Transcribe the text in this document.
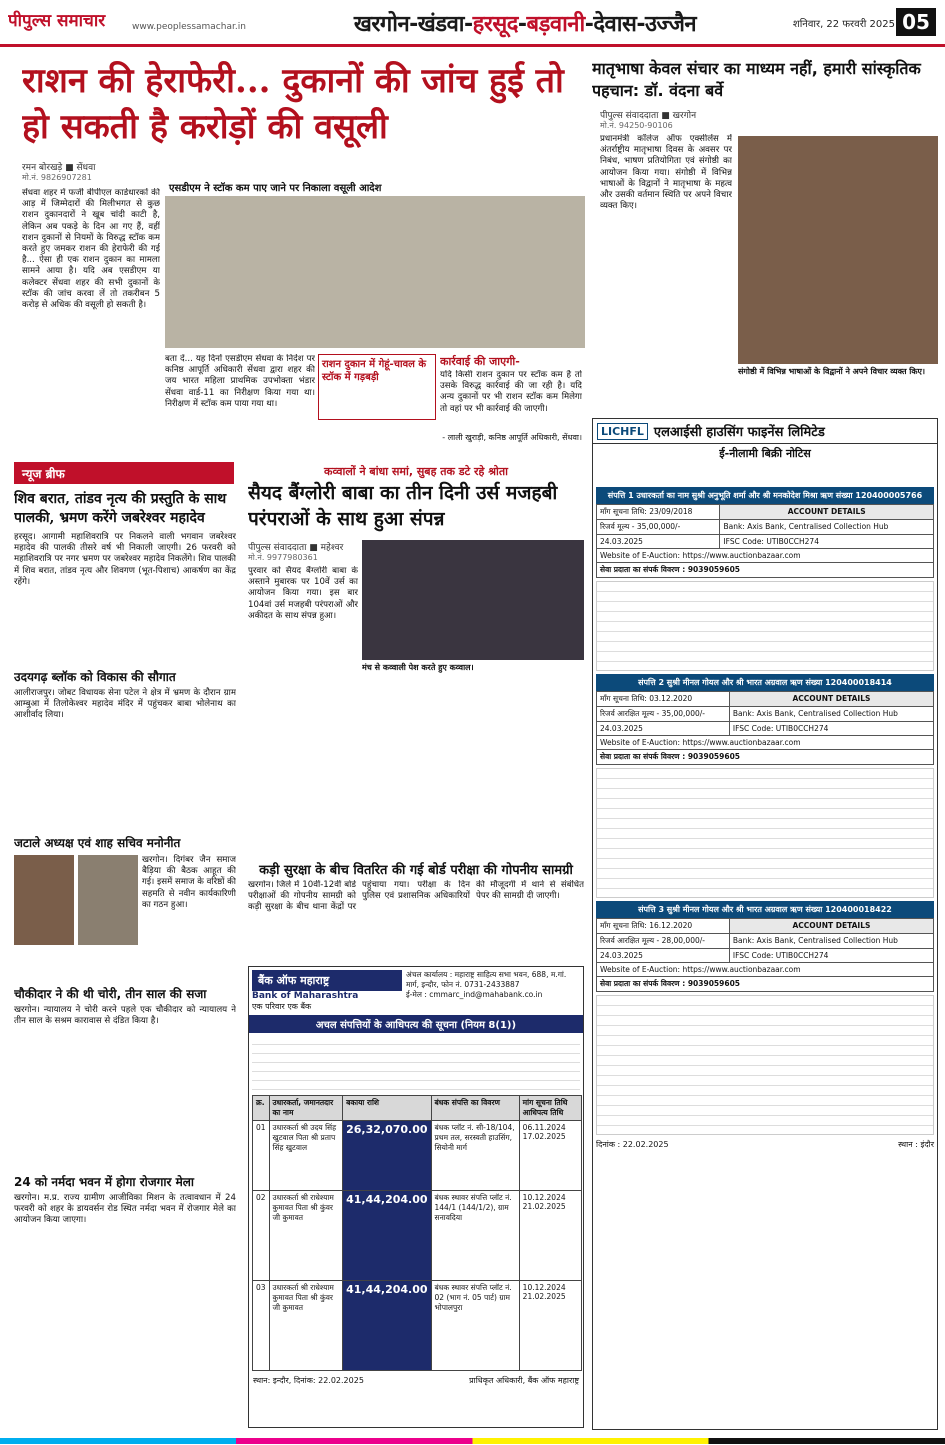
पीपुल्स समाचार	www.peoplessamachar.in	खरगोन-खंडवा-हरसूद-बड़वानी-देवास-उज्जैन	शनिवार, 22 फरवरी 2025 05
राशन की हेराफेरी... दुकानों की जांच हुई तो हो सकती है करोड़ों की वसूली
रमन बोरखड़े ■ सेंधवा
मो.नं. 9826907281
एसडीएम ने स्टॉक कम पाए जाने पर निकाला वसूली आदेश
सेंधवा शहर में फर्जी बीपीएल कार्डधारकों की आड़ में जिम्मेदारों की मिलीभगत से कुछ राशन दुकानदारों ने खूब चांदी काटी है, लेकिन अब पकड़े के दिन आ गए हैं, वहीं राशन दुकानों से नियमों के विरुद्ध स्टॉक कम करते हुए जमकर राशन की हेराफेरी की गई है... ऐसा ही एक राशन दुकान का मामला सामने आया है। यदि अब एसडीएम या कलेक्टर सेंधवा शहर की सभी दुकानों के स्टॉक की जांच करवा लें तो तकरीबन 5 करोड़ से अधिक की वसूली हो सकती है।
बता दें... यह दिनों एसडीएम सेंधवा के निर्देश पर कनिष्ठ आपूर्ति अधिकारी सेंधवा द्वारा शहर की जय भारत महिला प्राथमिक उपभोक्ता भंडार सेंधवा वार्ड-11 का निरीक्षण किया गया था। निरीक्षण में स्टॉक कम पाया गया था।
राशन दुकान में गेहूं-चावल के स्टॉक में गड़बड़ी
कार्रवाई की जाएगी-
यदि किसी राशन दुकान पर स्टॉक कम है तो उसके विरुद्ध कार्रवाई की जा रही है। यदि अन्य दुकानों पर भी राशन स्टॉक कम मिलेगा तो वहां पर भी कार्रवाई की जाएगी।
- लाली खुराड़ी, कनिष्ठ आपूर्ति अधिकारी, सेंधवा।
मातृभाषा केवल संचार का माध्यम नहीं, हमारी सांस्कृतिक पहचान: डॉ. वंदना बर्वे
पीपुल्स संवाददाता ■ खरगोन
मो.नं. 94250-90106
प्रधानमंत्री कॉलेज ऑफ एक्सीलेंस में अंतर्राष्ट्रीय मातृभाषा दिवस के अवसर पर निबंध, भाषण प्रतियोगिता एवं संगोष्ठी का आयोजन किया गया। संगोष्ठी में विभिन्न भाषाओं के विद्वानों ने मातृभाषा के महत्व और उसकी वर्तमान स्थिति पर अपने विचार व्यक्त किए।
संगोष्ठी में विभिन्न भाषाओं के विद्वानों ने अपने विचार व्यक्त किए।
LICHFL एलआईसी हाउसिंग फाइनेंस लिमिटेड
ई-नीलामी बिक्री नोटिस
संपत्ति 1 उधारकर्ता का नाम सुश्री अनुभूति शर्मा और श्री मनकोदेश मिश्रा ऋण संख्या 120400005766
माँग सूचना तिथि: 23/09/2018	ACCOUNT DETAILS
रिजर्व मूल्य - 35,00,000/-	Bank: Axis Bank, Centralised Collection Hub
24.03.2025	IFSC Code: UTIB0CCH274
Website of E-Auction: https://www.auctionbazaar.com	
सेवा प्रदाता का संपर्क विवरण : 9039059605	
संपत्ति 2 सुश्री मीनल गोयल और श्री भारत अग्रवाल ऋण संख्या 120400018414
माँग सूचना तिथि: 03.12.2020	ACCOUNT DETAILS
रिजर्व आरक्षित मूल्य - 35,00,000/-	Bank: Axis Bank, Centralised Collection Hub
24.03.2025	IFSC Code: UTIB0CCH274
Website of E-Auction: https://www.auctionbazaar.com	
सेवा प्रदाता का संपर्क विवरण : 9039059605	
संपत्ति 3 सुश्री मीनल गोयल और श्री भारत अग्रवाल ऋण संख्या 120400018422
माँग सूचना तिथि: 16.12.2020	ACCOUNT DETAILS
रिजर्व आरक्षित मूल्य - 28,00,000/-	Bank: Axis Bank, Centralised Collection Hub
24.03.2025	IFSC Code: UTIB0CCH274
Website of E-Auction: https://www.auctionbazaar.com	
सेवा प्रदाता का संपर्क विवरण : 9039059605	
दिनांक : 22.02.2025	स्थान : इंदौर
न्यूज ब्रीफ
शिव बरात, तांडव नृत्य की प्रस्तुति के साथ पालकी, भ्रमण करेंगे जबरेश्वर महादेव
हरसूद। आगामी महाशिवरात्रि पर निकलने वाली भगवान जबरेश्वर महादेव की पालकी तीसरे वर्ष भी निकाली जाएगी। 26 फरवरी को महाशिवरात्रि पर नगर भ्रमण पर जबरेश्वर महादेव निकलेंगे। शिव पालकी में शिव बरात, तांडव नृत्य और शिवगण (भूत-पिशाच) आकर्षण का केंद्र रहेंगे।
उदयगढ़ ब्लॉक को विकास की सौगात
आलीराजपुर। जोबट विधायक सेना पटेल ने क्षेत्र में भ्रमण के दौरान ग्राम आम्बुआ में तिलोकेश्वर महादेव मंदिर में पहुंचकर बाबा भोलेनाथ का आशीर्वाद लिया।
जटाले अध्यक्ष एवं शाह सचिव मनोनीत
खरगोन। दिगंबर जैन समाज बैड़िया की बैठक आहूत की गई। इसमें समाज के वरिष्ठों की सहमति से नवीन कार्यकारिणी का गठन हुआ।
चौकीदार ने की थी चोरी, तीन साल की सजा
खरगोन। न्यायालय ने चोरी करने पहले एक चौकीदार को न्यायालय ने तीन साल के सश्रम कारावास से दंडित किया है।
24 को नर्मदा भवन में होगा रोजगार मेला
खरगोन। म.प्र. राज्य ग्रामीण आजीविका मिशन के तत्वावधान में 24 फरवरी को शहर के डायवर्सन रोड स्थित नर्मदा भवन में रोजगार मेले का आयोजन किया जाएगा।
कव्वालों ने बांधा समां, सुबह तक डटे रहे श्रोता
सैयद बैंग्लोरी बाबा का तीन दिनी उर्स मजहबी परंपराओं के साथ हुआ संपन्न
पीपुल्स संवाददाता ■ महेश्वर
मो.नं. 9977980361
पुरवार को सैयद बैंग्लोरी बाबा के अस्ताने मुबारक पर 10वें उर्स का आयोजन किया गया। इस बार 104वां उर्स मजहबी परंपराओं और अकीदत के साथ संपन्न हुआ।
मंच से कव्वाली पेश करते हुए कव्वाल।
कड़ी सुरक्षा के बीच वितरित की गई बोर्ड परीक्षा की गोपनीय सामग्री
खरगोन। जिले में 10वीं-12वीं बोर्ड परीक्षाओं की गोपनीय सामग्री को कड़ी सुरक्षा के बीच थाना केंद्रों पर पहुंचाया गया। परीक्षा के दिन पुलिस एवं प्रशासनिक अधिकारियों की मौजूदगी में थाने से संबंधित पेपर की सामग्री दी जाएगी।
बैंक ऑफ महाराष्ट्र
Bank of Maharashtra
एक परिवार एक बैंक
अंचल कार्यालय : महाराष्ट्र साहित्य सभा भवन, 688, म.गां. मार्ग, इन्दौर, फोन नं. 0731-2433887
ई-मेल : cmmarc_ind@mahabank.co.in
अचल संपत्तियों के आधिपत्य की सूचना (नियम 8(1))
क्र.	उधारकर्ता, जमानतदार का नाम	बकाया राशि	बंधक संपत्ति का विवरण	मांग सूचना तिथि आधिपत्य तिथि
01	उधारकर्ता श्री उदय सिंह खुटवाल पिता श्री प्रताप सिंह खुटवाल	26,32,070.00	बंधक प्लॉट नं. सी-18/104, प्रथम तल, सरस्वती हाउसिंग, सियोनी मार्ग	06.11.2024 17.02.2025
02	उधारकर्ता श्री राधेश्याम कुमावत पिता श्री कुंवर जी कुमावत	41,44,204.00	बंधक स्थावर संपत्ति प्लॉट नं. 144/1 (144/1/2), ग्राम सनावदिया	10.12.2024 21.02.2025
03	उधारकर्ता श्री राधेश्याम कुमावत पिता श्री कुंवर जी कुमावत	41,44,204.00	बंधक स्थावर संपत्ति प्लॉट नं. 02 (भाग नं. 05 पार्ट) ग्राम भोपालपुरा	10.12.2024 21.02.2025
स्थान: इन्दौर, दिनांक: 22.02.2025	प्राधिकृत अधिकारी, बैंक ऑफ महाराष्ट्र
